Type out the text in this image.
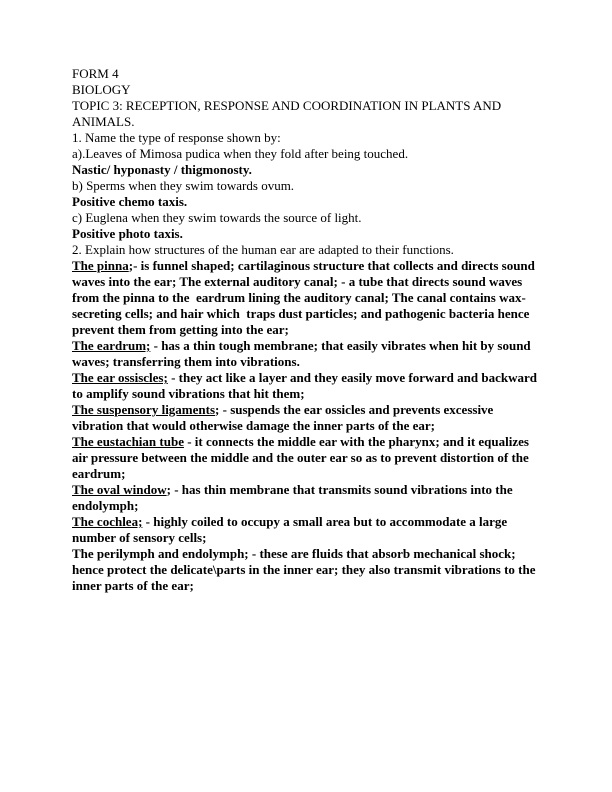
FORM 4

BIOLOGY

TOPIC 3: RECEPTION, RESPONSE AND COORDINATION IN PLANTS AND ANIMALS.

1. Name the type of response shown by:
a).Leaves of Mimosa pudica when they fold after being touched.
Nastic/ hyponasty / thigmonosty.
b) Sperms when they swim towards ovum.
Positive chemo taxis.
c) Euglena when they swim towards the source of light.
Positive photo taxis.

2. Explain how structures of the human ear are adapted to their functions.

The pinna;- is funnel shaped; cartilaginous structure that collects and directs sound waves into the ear; The external auditory canal; - a tube that directs sound waves from the pinna to the  eardrum lining the auditory canal; The canal contains wax-secreting cells; and hair which  traps dust particles; and pathogenic bacteria hence prevent them from getting into the ear;

The eardrum; - has a thin tough membrane; that easily vibrates when hit by sound waves; transferring them into vibrations.

The ear ossiscles; - they act like a layer and they easily move forward and backward to amplify sound vibrations that hit them;

The suspensory ligaments; - suspends the ear ossicles and prevents excessive vibration that would otherwise damage the inner parts of the ear;

The eustachian tube - it connects the middle ear with the pharynx; and it equalizes air pressure between the middle and the outer ear so as to prevent distortion of the eardrum;

The oval window; - has thin membrane that transmits sound vibrations into the endolymph;

The cochlea; - highly coiled to occupy a small area but to accommodate a large number of sensory cells;

The perilymph and endolymph; - these are fluids that absorb mechanical shock; hence protect the delicate\parts in the inner ear; they also transmit vibrations to the inner parts of the ear;
